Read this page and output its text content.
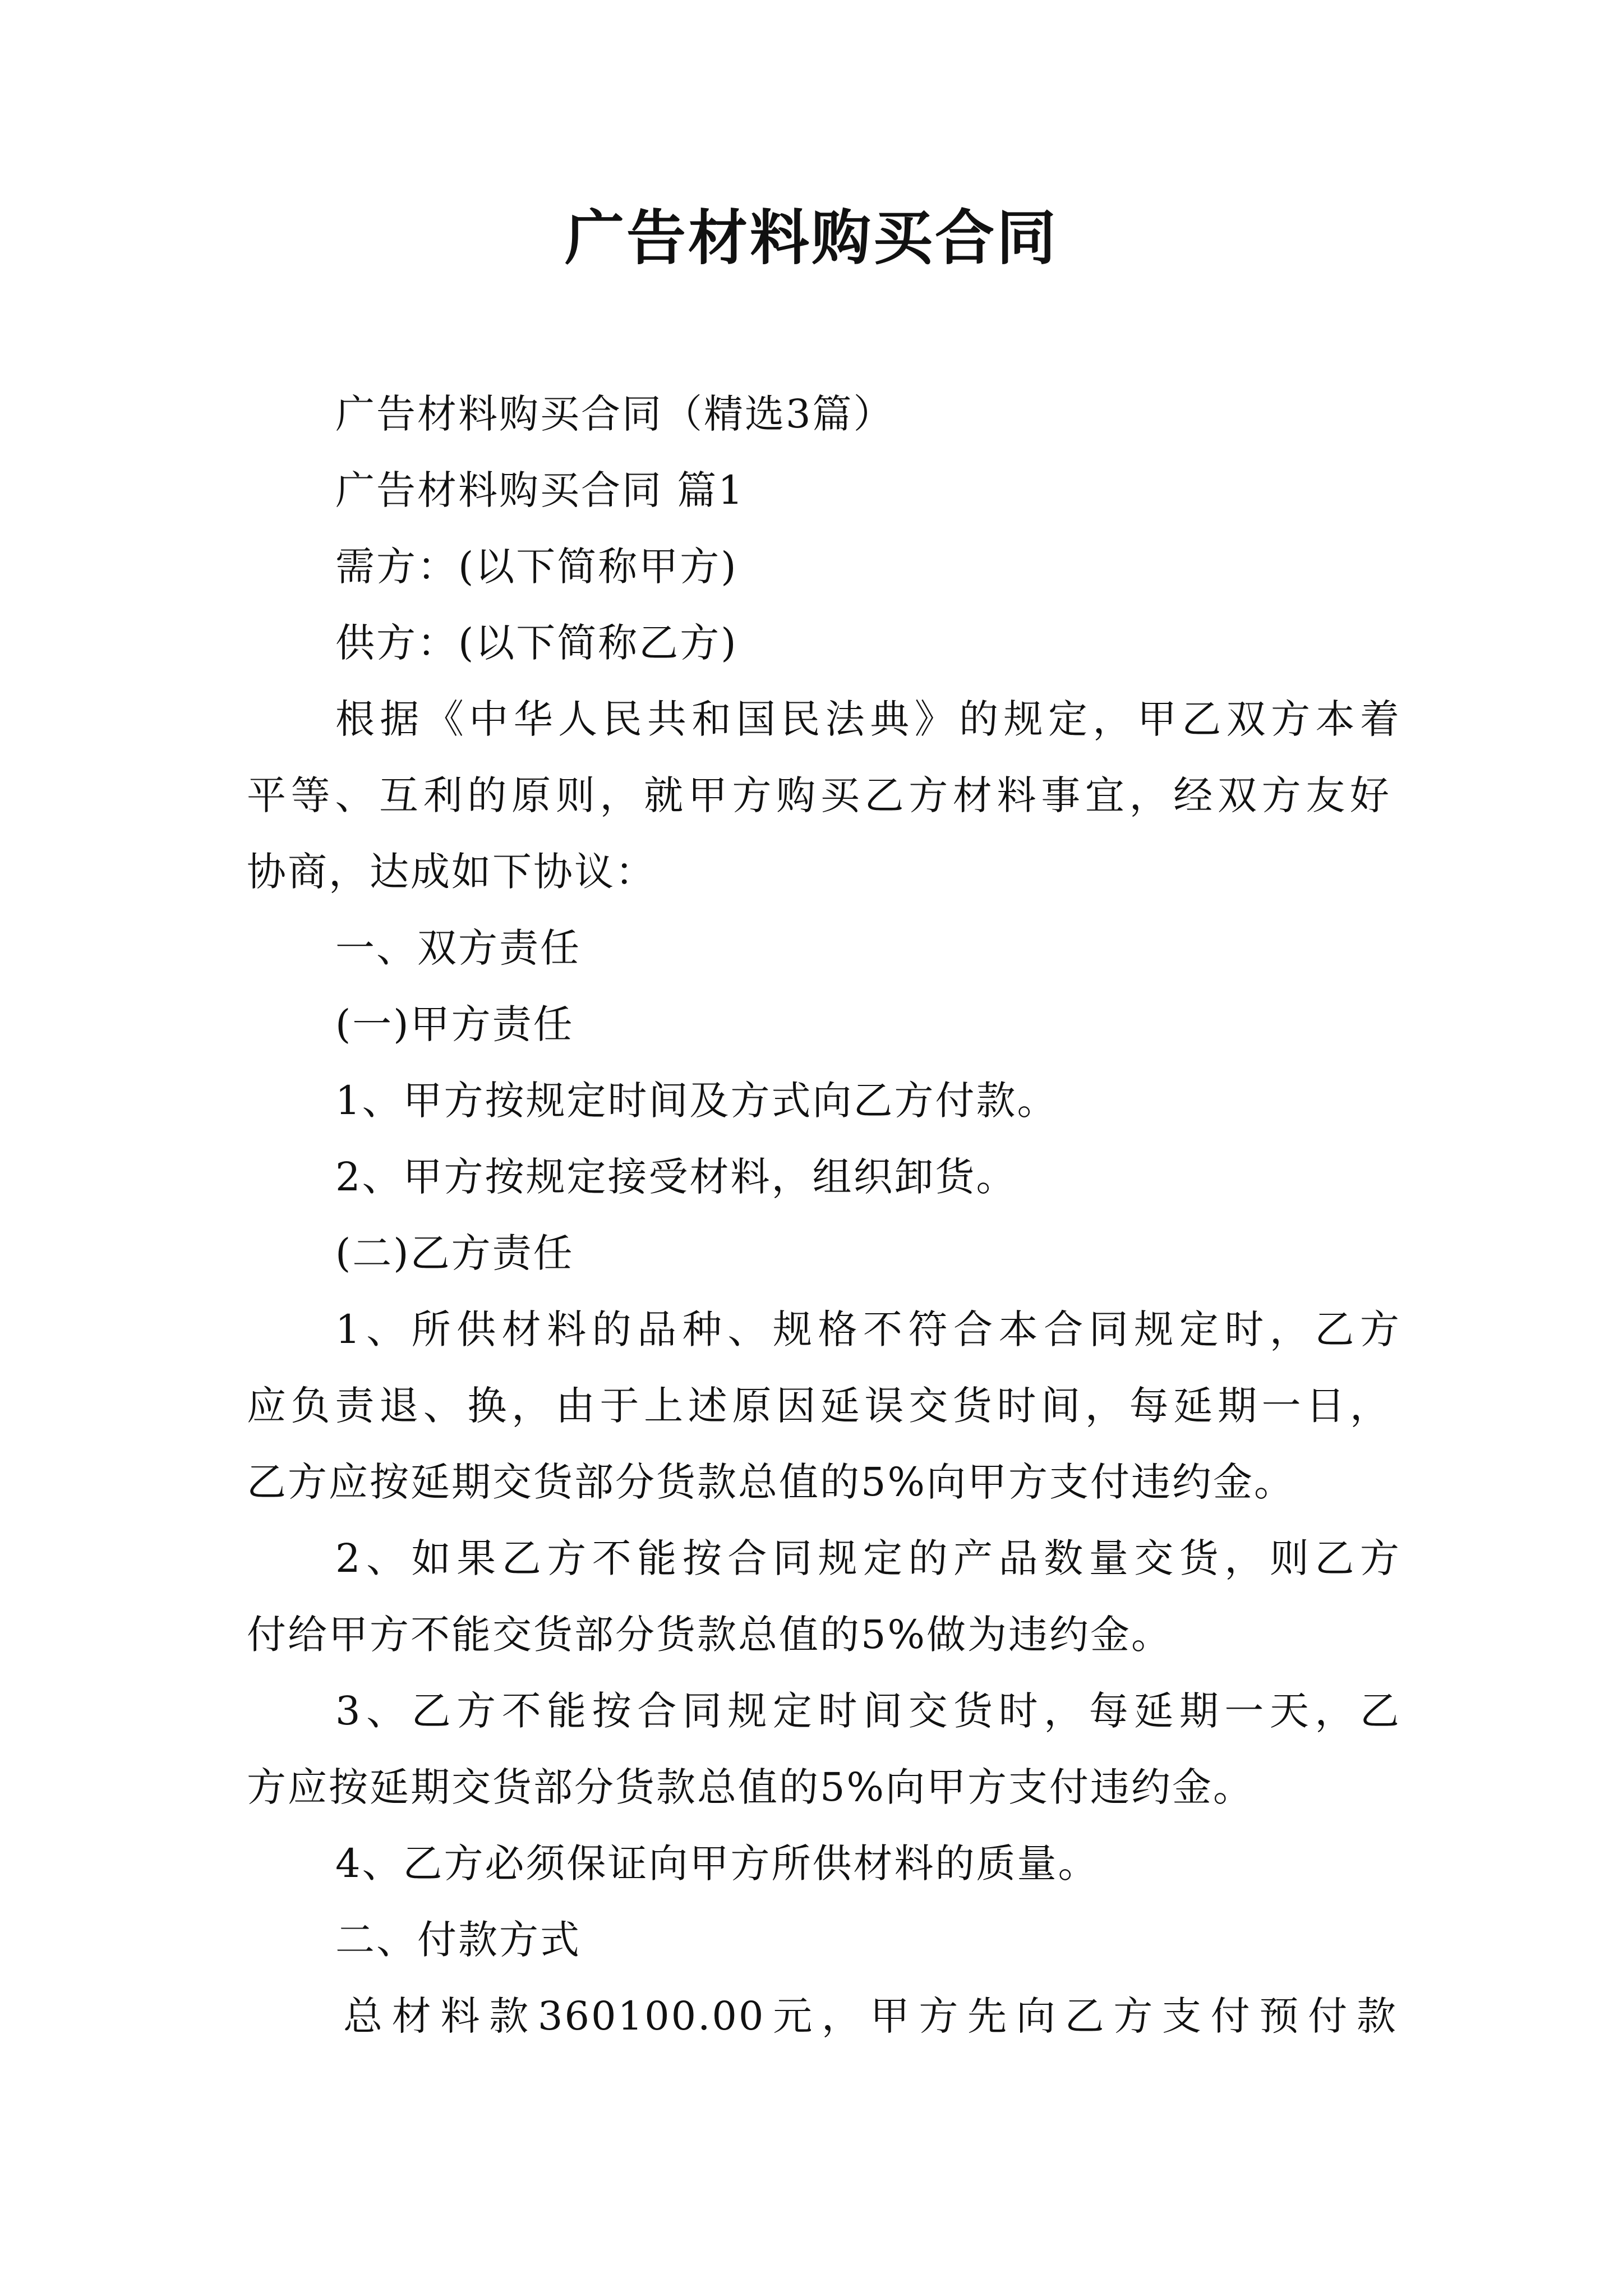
广告材料购买合同
广告材料购买合同（精选3篇）
广告材料购买合同 篇1
需方：(以下简称甲方)
供方：(以下简称乙方)
根据《中华人民共和国民法典》的规定，甲乙双方本着
平等、互利的原则，就甲方购买乙方材料事宜，经双方友好
协商，达成如下协议：
一、双方责任
(一)甲方责任
1、甲方按规定时间及方式向乙方付款。
2、甲方按规定接受材料，组织卸货。
(二)乙方责任
1、所供材料的品种、规格不符合本合同规定时，乙方
应负责退、换，由于上述原因延误交货时间，每延期一日，
乙方应按延期交货部分货款总值的5%向甲方支付违约金。
2、如果乙方不能按合同规定的产品数量交货，则乙方
付给甲方不能交货部分货款总值的5%做为违约金。
3、乙方不能按合同规定时间交货时，每延期一天，乙
方应按延期交货部分货款总值的5%向甲方支付违约金。
4、乙方必须保证向甲方所供材料的质量。
二、付款方式
总材料款360100.00元，甲方先向乙方支付预付款
